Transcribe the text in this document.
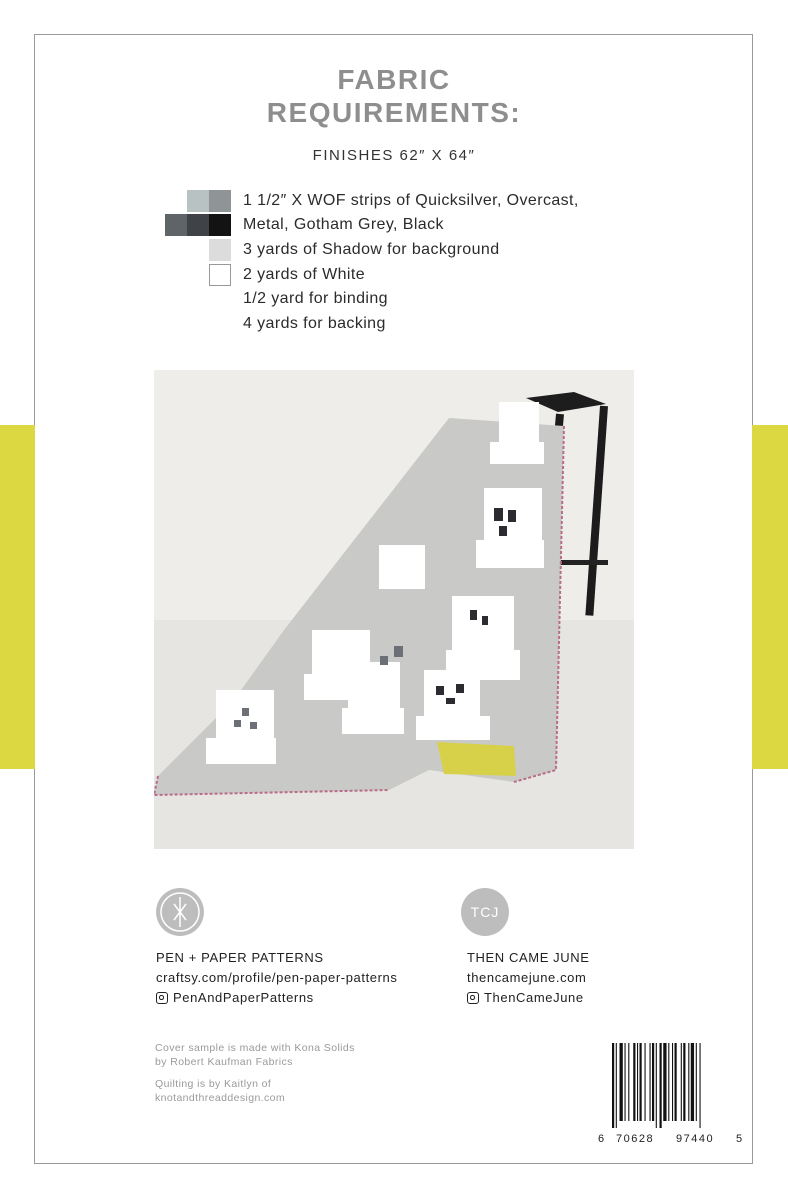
FABRIC
REQUIREMENTS:
FINISHES 62″ X 64″
1 1/2″ X WOF strips of Quicksilver, Overcast,
Metal, Gotham Grey, Black
3 yards of Shadow for background
2 yards of White
1/2 yard for binding
4 yards for backing
PEN + PAPER PATTERNS
craftsy.com/profile/pen-paper-patterns
PenAndPaperPatterns
TCJ
THEN CAME JUNE
thencamejune.com
ThenCameJune
Cover sample is made with Kona Solids
by Robert Kaufman Fabrics
Quilting is by Kaitlyn of
knotandthreaddesign.com
6 70628 97440 5
